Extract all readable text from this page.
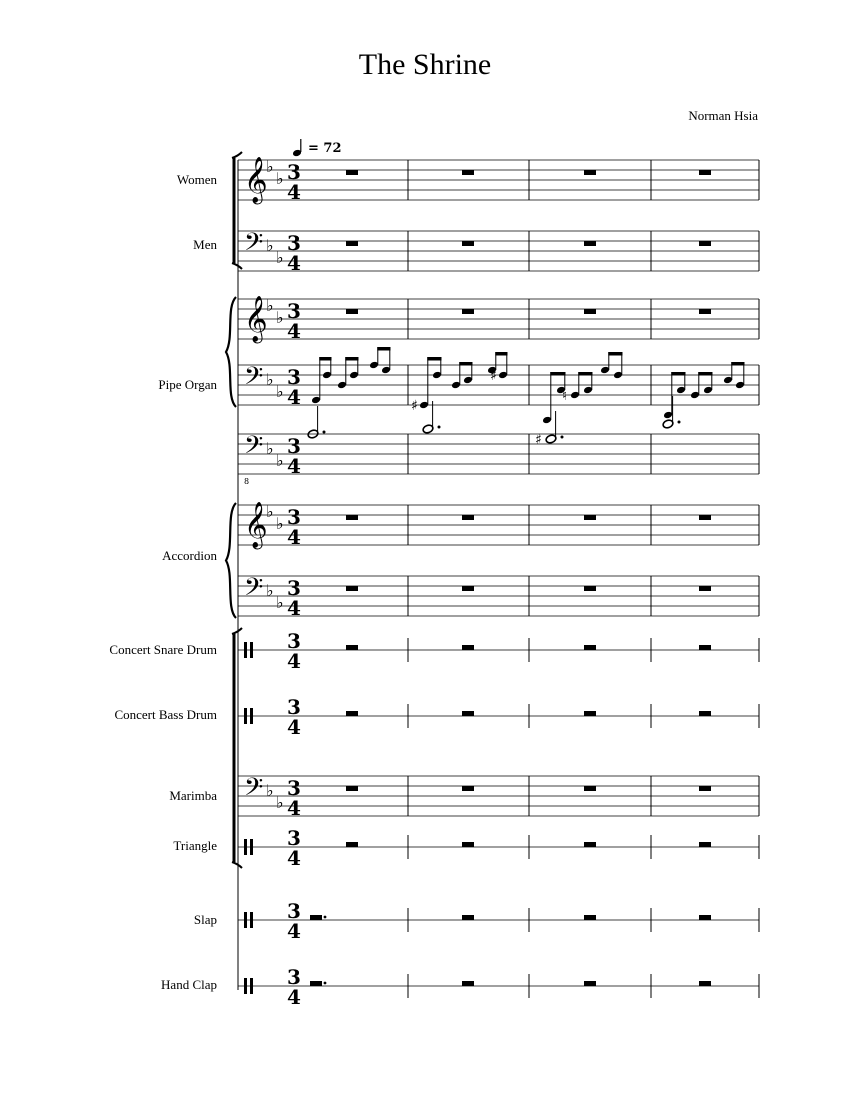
The Shrine
Norman Hsia
= 72
Women
Men
Pipe Organ
Accordion
Concert Snare Drum
Concert Bass Drum
Marimba
Triangle
Slap
Hand Clap
𝄞
♭
♭ 3
4
𝄢 ♭
♭
3
4
𝄞
♭
♭ 3
4
𝄢 ♭
♭
3
4
𝄢
8
♭
♭
3
4
𝄞
♭
♭ 3
4
𝄢 ♭
♭
3
4
𝄢 ♭
♭
3
4
3
4
3
4
3
4
3
4
3
4
♯
♯
♮
♯
